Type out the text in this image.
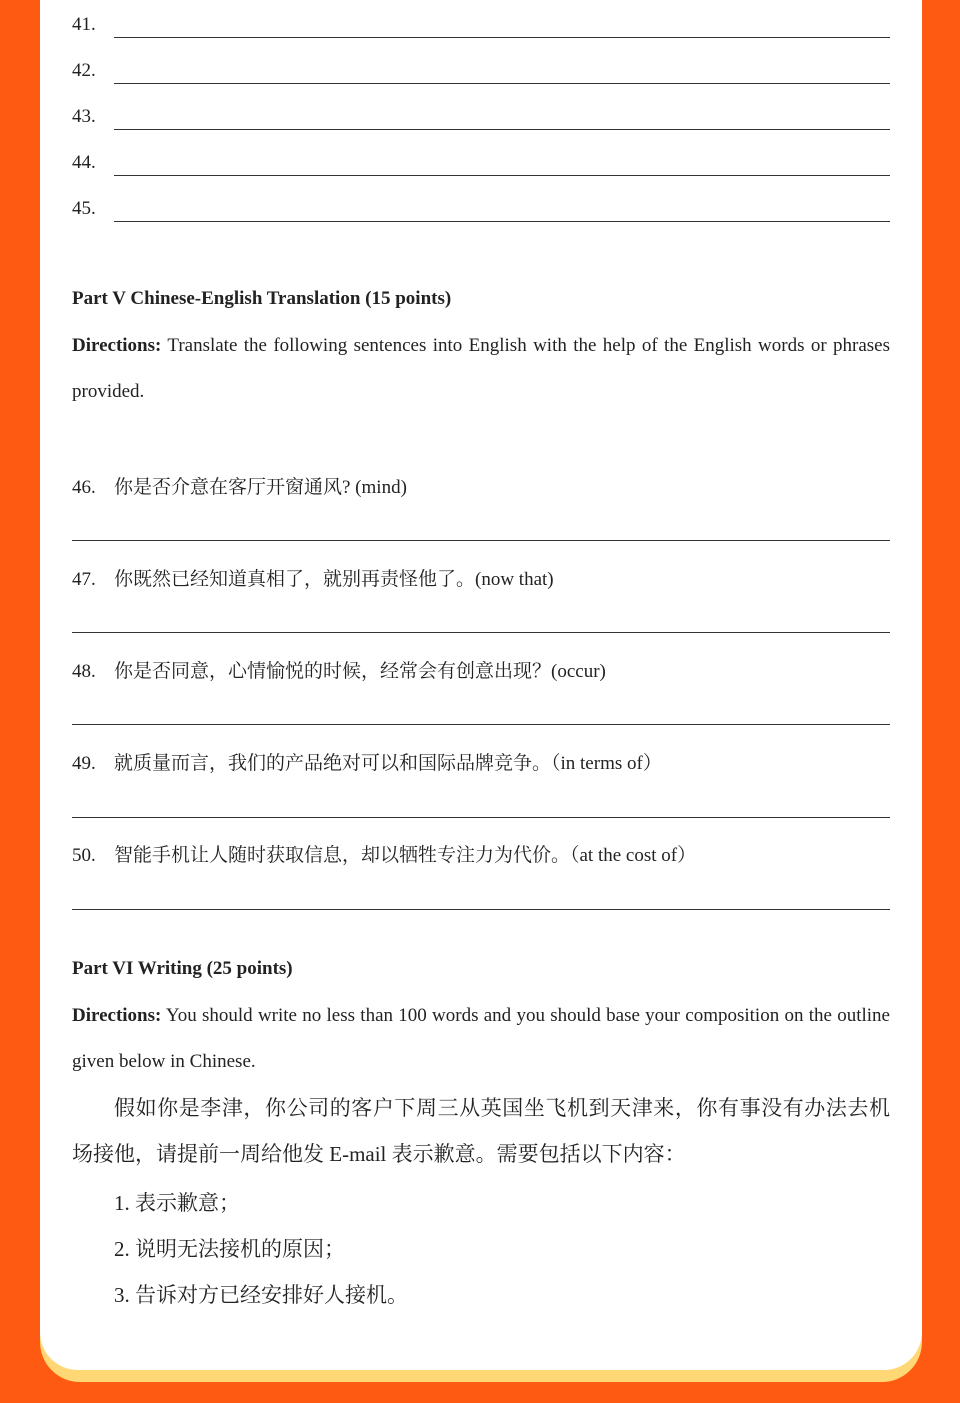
41.
42.
43.
44.
45.
Part V Chinese-English Translation (15 points)
Directions: Translate the following sentences into English with the help of the English words or phrases provided.
46. 你是否介意在客厅开窗通风? (mind)
47. 你既然已经知道真相了，就别再责怪他了。(now that)
48. 你是否同意，心情愉悦的时候，经常会有创意出现？(occur)
49. 就质量而言，我们的产品绝对可以和国际品牌竞争。（in terms of）
50. 智能手机让人随时获取信息，却以牺牲专注力为代价。（at the cost of）
Part VI Writing (25 points)
Directions: You should write no less than 100 words and you should base your composition on the outline given below in Chinese.
假如你是李津，你公司的客户下周三从英国坐飞机到天津来，你有事没有办法去机场接他，请提前一周给他发 E-mail 表示歉意。需要包括以下内容：
1. 表示歉意；
2. 说明无法接机的原因；
3. 告诉对方已经安排好人接机。
